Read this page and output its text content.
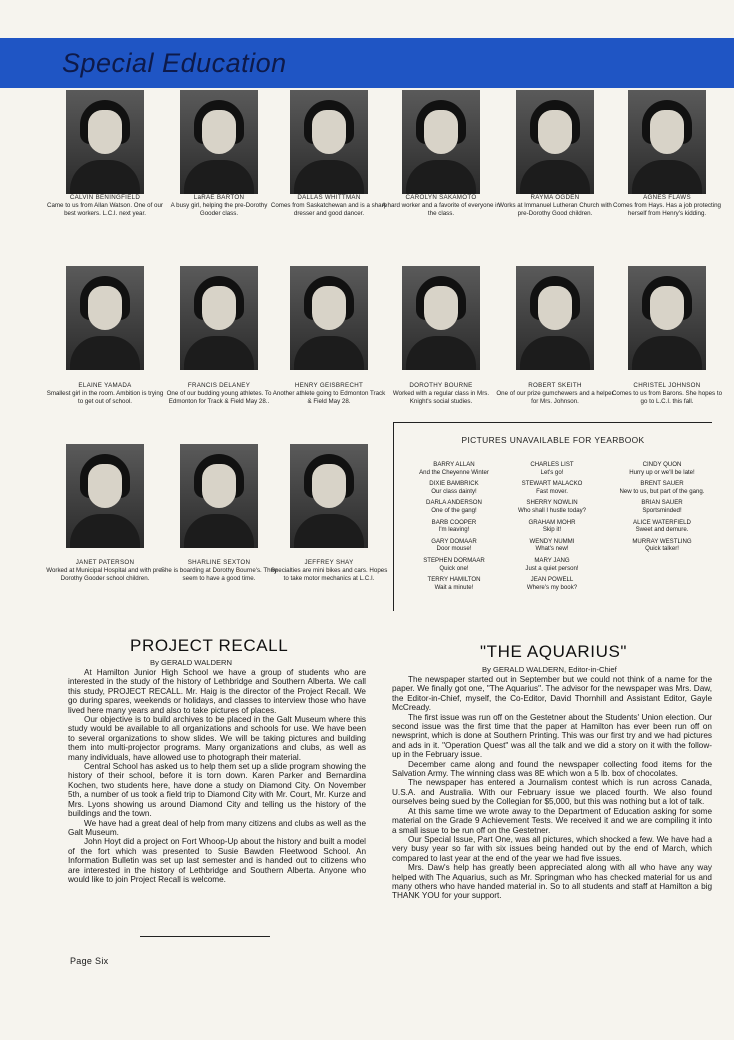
Special Education
CALVIN BENINGFIELD
Came to us from Allan Watson. One of our best workers. L.C.I. next year.
LaRAE BARTON
A busy girl, helping the pre-Dorothy Gooder class.
DALLAS WHITTMAN
Comes from Saskatchewan and is a sharp dresser and good dancer.
CAROLYN SAKAMOTO
A hard worker and a favorite of everyone in the class.
RAYMA OGDEN
Works at Immanuel Lutheran Church with pre-Dorothy Good children.
AGNES FLAWS
Comes from Hays. Has a job protecting herself from Henry's kidding.
ELAINE YAMADA
Smallest girl in the room. Ambition is trying to get out of school.
FRANCIS DELANEY
One of our budding young athletes. To Edmonton for Track & Field May 28..
HENRY GEISBRECHT
Another athlete going to Edmonton Track & Field May 28.
DOROTHY BOURNE
Worked with a regular class in Mrs. Knight's social studies.
ROBERT SKEITH
One of our prize gumchewers and a helper for Mrs. Johnson.
CHRISTEL JOHNSON
Comes to us from Barons. She hopes to go to L.C.I. this fall.
JANET PATERSON
Worked at Municipal Hospital and with pre-Dorothy Gooder school children.
SHARLINE SEXTON
She is boarding at Dorothy Bourne's. They seem to have a good time.
JEFFREY SHAY
Specialties are mini bikes and cars. Hopes to take motor mechanics at L.C.I.
PICTURES UNAVAILABLE FOR YEARBOOK
BARRY ALLAN
And the Cheyenne Winter
DIXIE BAMBRICK
Our class dainty!
DARLA ANDERSON
One of the gang!
BARB COOPER
I'm leaving!
GARY DOMAAR
Door mouse!
STEPHEN DORMAAR
Quick one!
TERRY HAMILTON
Wait a minute!
CHARLES LIST
Let's go!
STEWART MALACKO
Fast mover.
SHERRY NOWLIN
Who shall I hustle today?
GRAHAM MOHR
Skip it!
WENDY NUMMI
What's new!
MARY JANG
Just a quiet person!
JEAN POWELL
Where's my book?
CINDY QUON
Hurry up or we'll be late!
BRENT SAUER
New to us, but part of the gang.
BRIAN SAUER
Sportsminded!
ALICE WATERFIELD
Sweet and demure.
MURRAY WESTLING
Quick talker!
PROJECT RECALL
By GERALD WALDERN

At Hamilton Junior High School we have a group of students who are interested in the study of the history of Lethbridge and Southern Alberta. We call this study, PROJECT RECALL. Mr. Haig is the director of the Project Recall. We go during spares, weekends or holidays, and classes to interview those who have lived here many years and also to take pictures of places.

Our objective is to build archives to be placed in the Galt Museum where this study would be available to all organizations and schools for use. We have been to several organizations to show slides. We will be taking pictures and building them into multi-projector programs. Many organizations and clubs, as well as many individuals, have allowed use to photograph their material.

Central School has asked us to help them set up a slide program showing the history of their school, before it is torn down. Karen Parker and Bernardina Kochen, two students here, have done a study on Diamond City. On November 5th, a number of us took a field trip to Diamond City with Mr. Court, Mr. Kurze and Mrs. Lyons showing us around Diamond City and telling us the history of the buildings and the town.

We have had a great deal of help from many citizens and clubs as well as the Galt Museum.

John Hoyt did a project on Fort Whoop-Up about the history and built a model of the fort which was presented to Susie Bawden Fleetwood School. An Information Bulletin was set up last semester and is handed out to citizens who are interested in the history of Lethbridge and Southern Alberta. Anyone who would like to join Project Recall is welcome.

"THE AQUARIUS"
By GERALD WALDERN, Editor-in-Chief

The newspaper started out in September but we could not think of a name for the paper. We finally got one, "The Aquarius". The advisor for the newspaper was Mrs. Daw, the Editor-in-Chief, myself, the Co-Editor, David Thornhill and Assistant Editor, Gayle McCready.

The first issue was run off on the Gestetner about the Students' Union election. Our second issue was the first time that the paper at Hamilton has ever been run off on newsprint, which is done at Southern Printing. This was our first try and we had pictures and ads in it. "Operation Quest" was all the talk and we did a story on it with the follow-up in the February issue.

December came along and found the newspaper collecting food items for the Salvation Army. The winning class was 8E which won a 5 lb. box of chocolates.

The newspaper has entered a Journalism contest which is run across Canada, U.S.A. and Australia. With our February issue we placed fourth. We also found ourselves being sued by the Collegian for $5,000, but this was nothing but a lot of talk.

At this same time we wrote away to the Department of Education asking for some material on the Grade 9 Achievement Tests. We received it and we are compiling it into a small issue to be run off on the Gestetner.

Our Special Issue, Part One, was all pictures, which shocked a few. We have had a very busy year so far with six issues being handed out by the end of March, which compared to last year at the end of the year we had five issues.

Mrs. Daw's help has greatly been appreciated along with all who have any way helped with The Aquarius, such as Mr. Springman who has checked material for us and many others who have handed material in. So to all students and staff at Hamilton a big THANK YOU for your support.

Page Six
